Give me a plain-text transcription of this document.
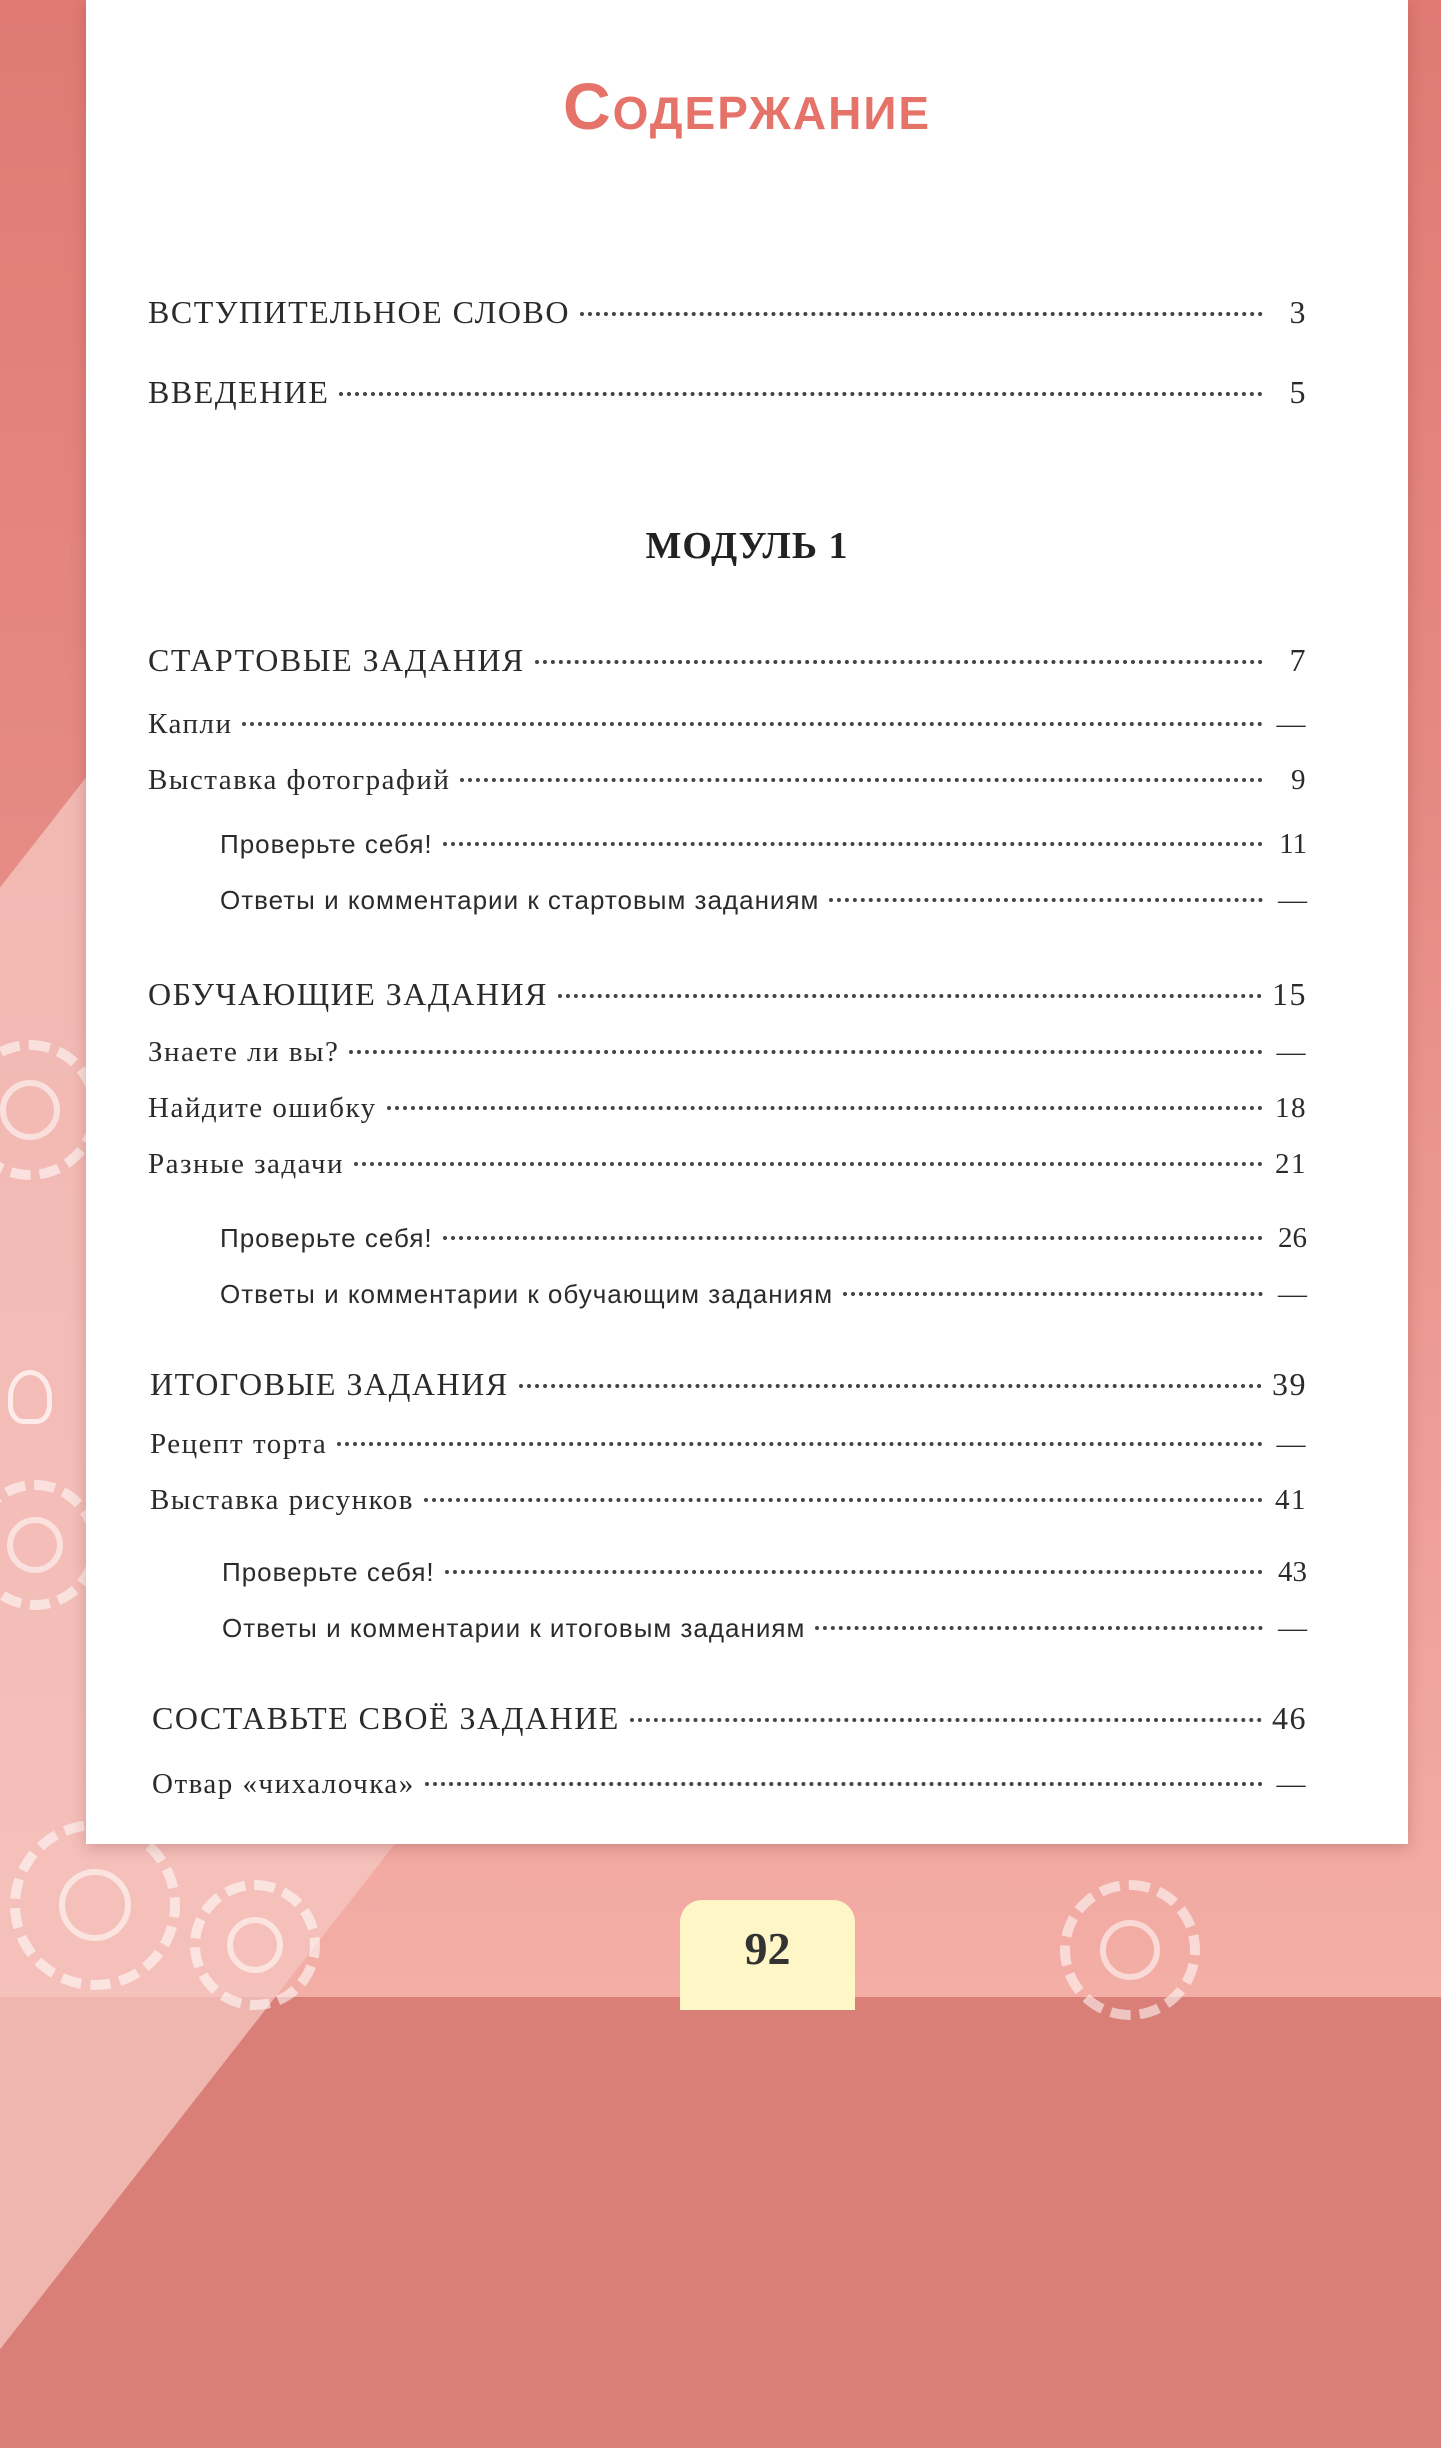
Содержание
ВСТУПИТЕЛЬНОЕ СЛОВО	3
ВВЕДЕНИЕ	5
МОДУЛЬ 1
СТАРТОВЫЕ ЗАДАНИЯ	7
Капли	—
Выставка фотографий	9
Проверьте себя!	11
Ответы и комментарии к стартовым заданиям	—
ОБУЧАЮЩИЕ ЗАДАНИЯ	15
Знаете ли вы?	—
Найдите ошибку	18
Разные задачи	21
Проверьте себя!	26
Ответы и комментарии к обучающим заданиям	—
ИТОГОВЫЕ ЗАДАНИЯ	39
Рецепт торта	—
Выставка рисунков	41
Проверьте себя!	43
Ответы и комментарии к итоговым заданиям	—
СОСТАВЬТЕ СВОЁ ЗАДАНИЕ	46
Отвар «чихалочка»	—
92
